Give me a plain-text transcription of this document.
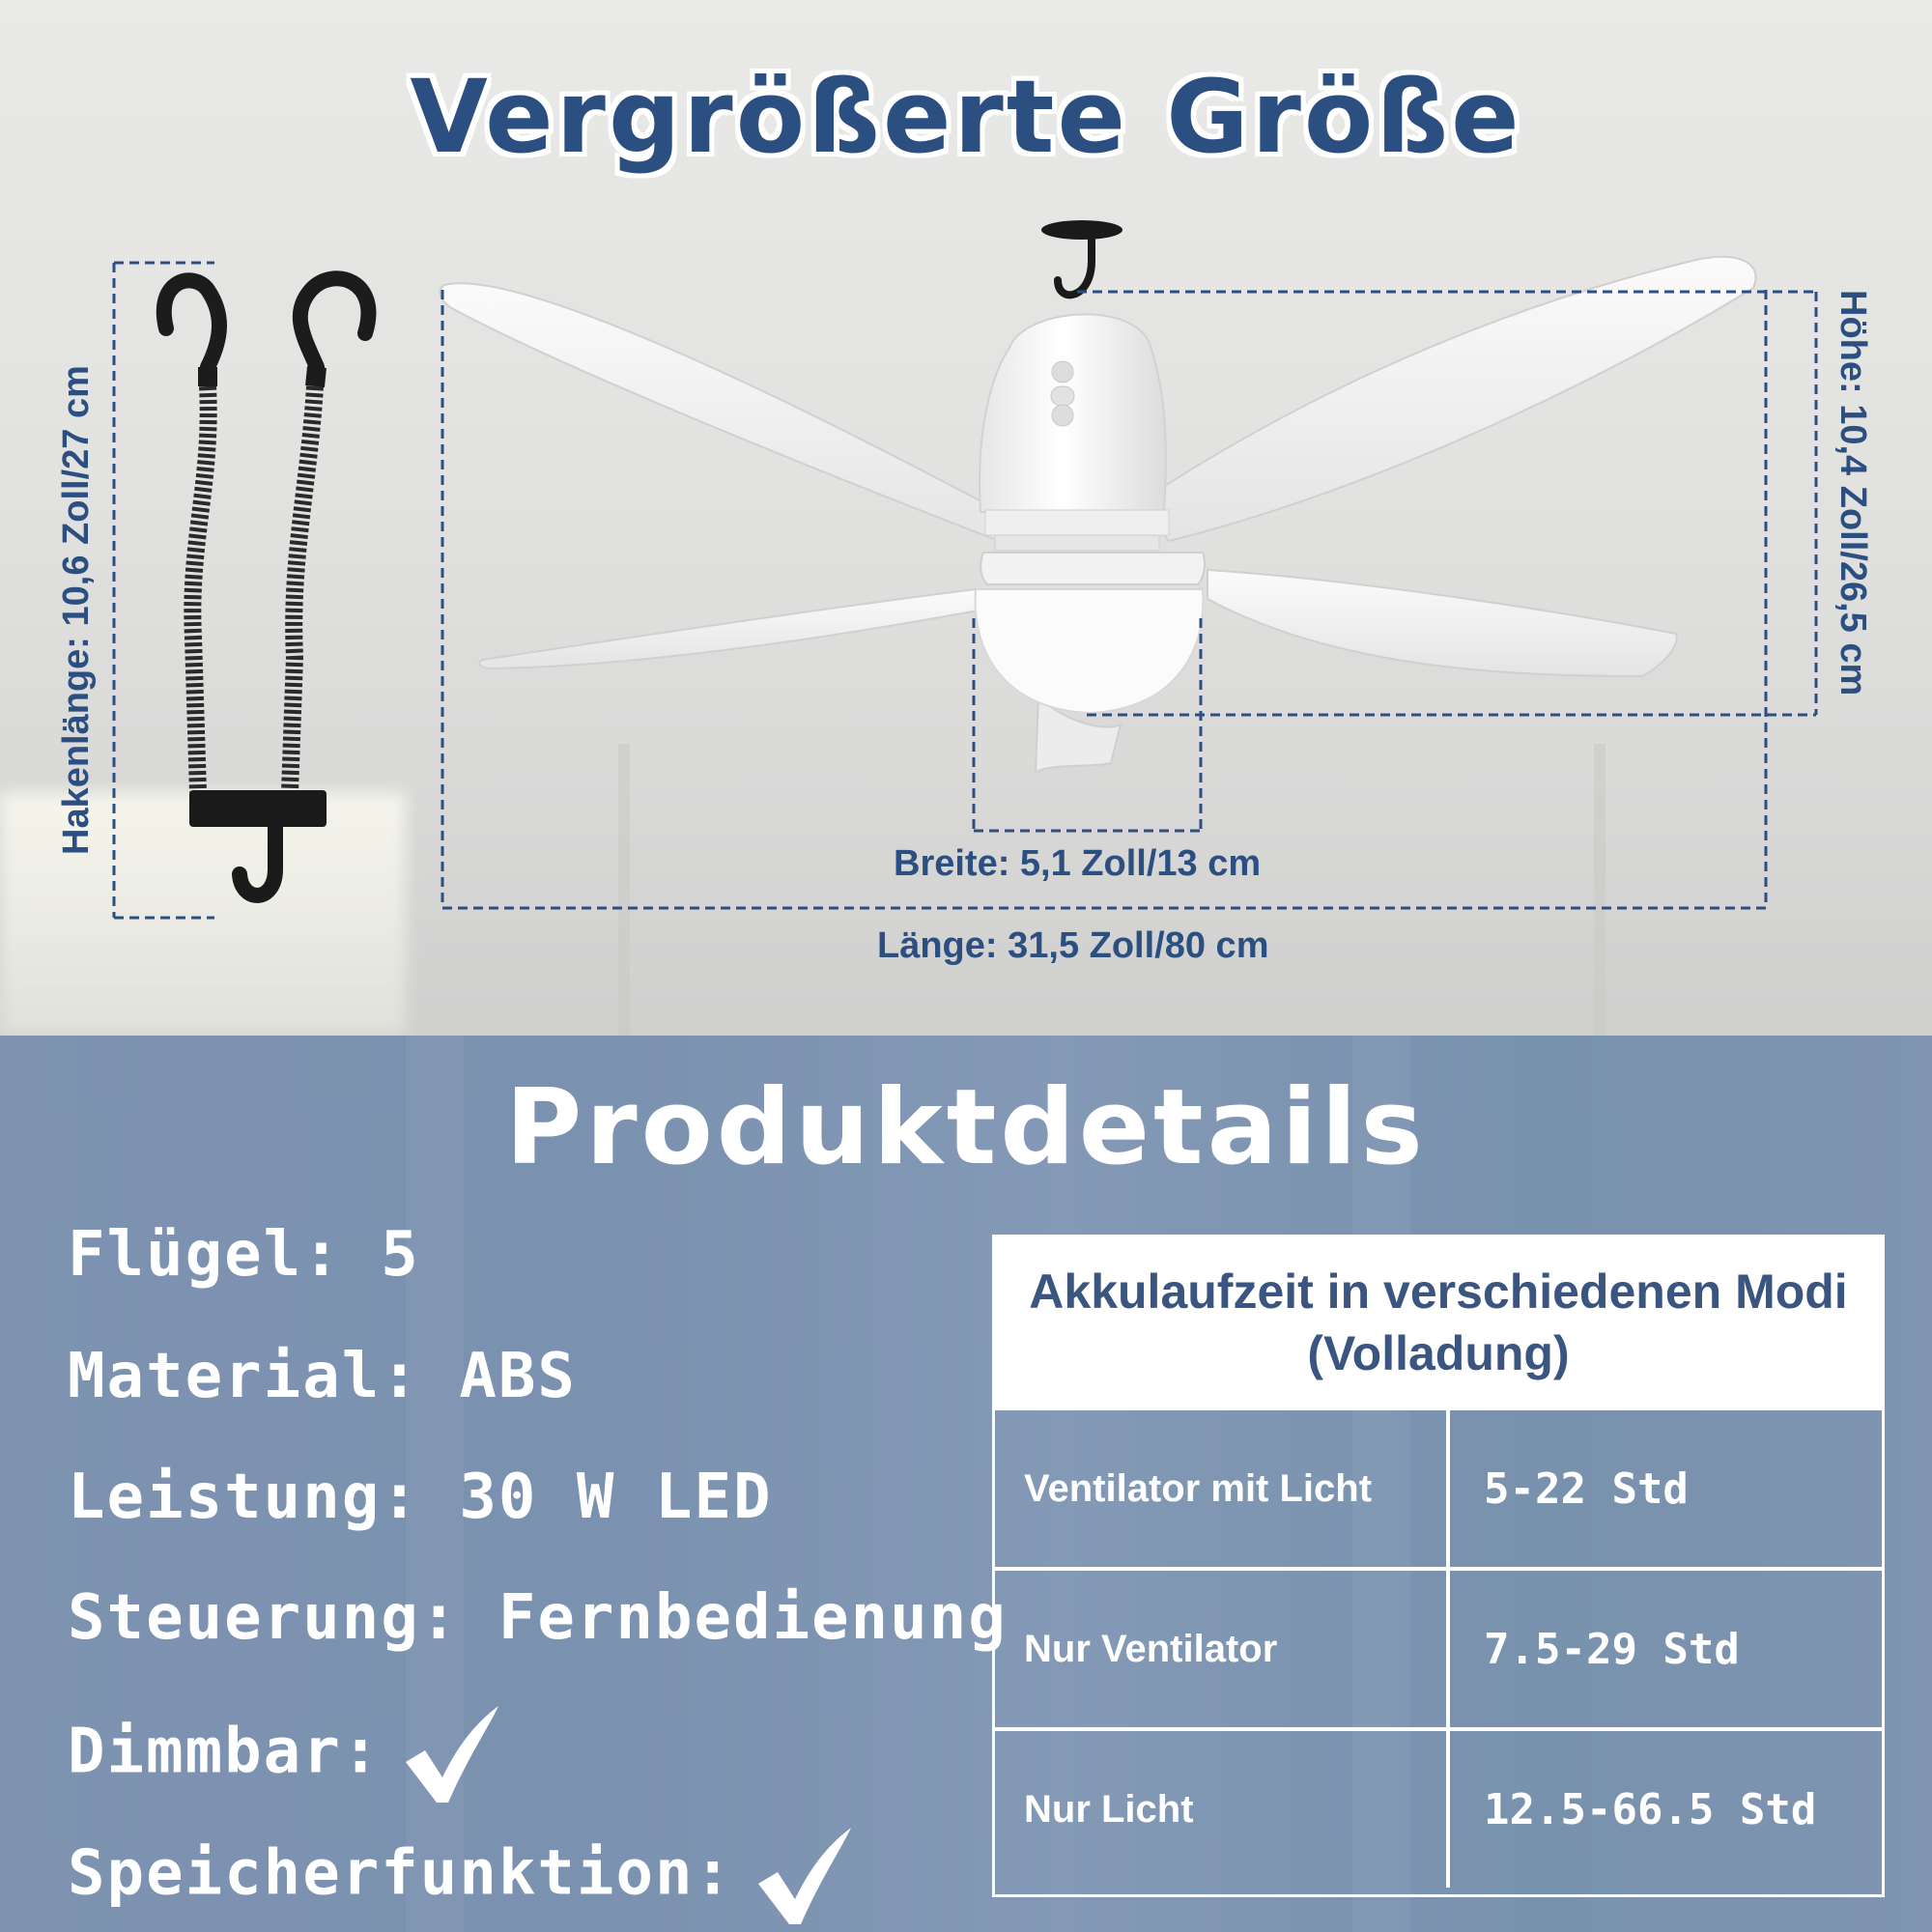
Vergrößerte Größe
Hakenlänge: 10,6 Zoll/27 cm	Höhe: 10,4 Zoll/26,5 cm
Breite: 5,1 Zoll/13 cm
Länge: 31,5 Zoll/80 cm
Produktdetails
Flügel: 5
Material: ABS
Leistung: 30 W LED
Steuerung: Fernbedienung
Dimmbar:
Speicherfunktion:
Akkulaufzeit in verschiedenen Modi (Volladung)
Ventilator mit Licht	5-22 Std
Nur Ventilator	7.5-29 Std
Nur Licht	12.5-66.5 Std
